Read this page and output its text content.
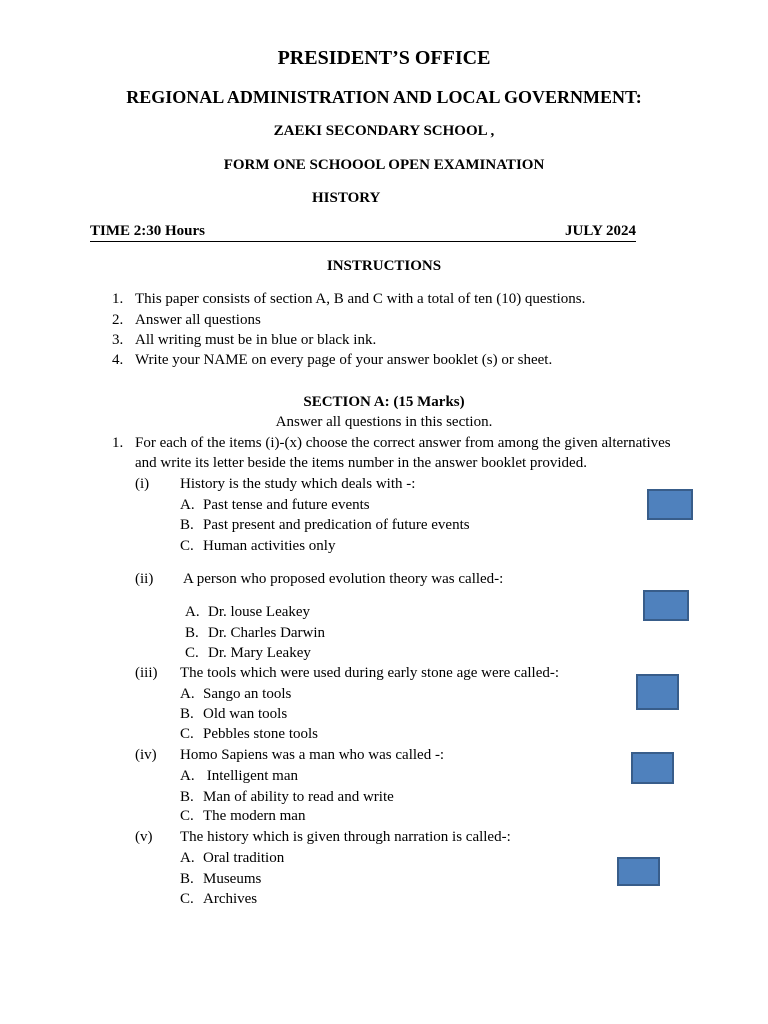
PRESIDENT’S OFFICE
REGIONAL ADMINISTRATION AND LOCAL GOVERNMENT:
ZAEKI SECONDARY SCHOOL ,
FORM ONE SCHOOOL OPEN EXAMINATION
HISTORY
TIME 2:30 Hours	JULY 2024
INSTRUCTIONS
1. This paper consists of section A, B and C with a total of ten (10) questions.
2. Answer all questions
3. All writing must be in blue or black ink.
4. Write your NAME on every page of your answer booklet (s) or sheet.
SECTION A: (15 Marks)
Answer all questions in this section.
1. For each of the items (i)-(x) choose the correct answer from among the given alternatives
and write its letter beside the items number in the answer booklet provided.
(i) History is the study which deals with -:
A. Past tense and future events
B. Past present and predication of future events
C. Human activities only
(ii) A person who proposed evolution theory was called-:
A. Dr. louse Leakey
B. Dr. Charles Darwin
C. Dr. Mary Leakey
(iii) The tools which were used during early stone age were called-:
A. Sango an tools
B. Old wan tools
C. Pebbles stone tools
(iv) Homo Sapiens was a man who was called -:
A. Intelligent man
B. Man of ability to read and write
C. The modern man
(v) The history which is given through narration is called-:
A. Oral tradition
B. Museums
C. Archives
